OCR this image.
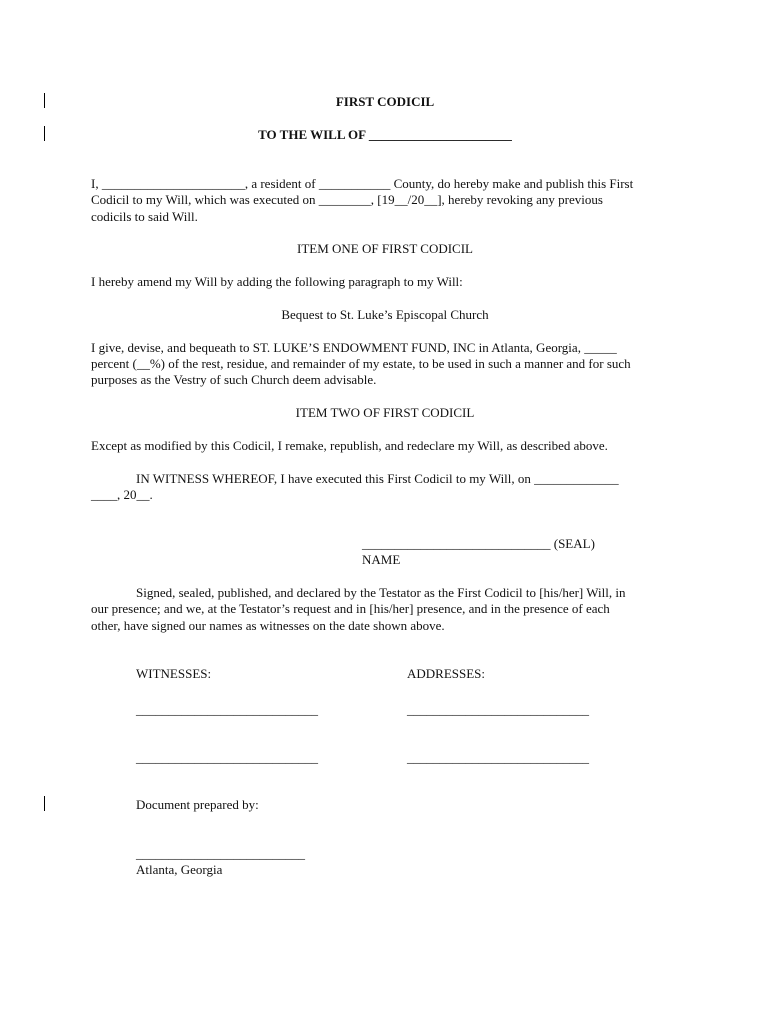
FIRST CODICIL

TO THE WILL OF ______________________

I, ______________________, a resident of ___________ County, do hereby make and publish this First

Codicil to my Will, which was executed on ________, [19__/20__], hereby revoking any previous

codicils to said Will.

ITEM ONE OF FIRST CODICIL

I hereby amend my Will by adding the following paragraph to my Will:

Bequest to St. Luke’s Episcopal Church

I give, devise, and bequeath to ST. LUKE’S ENDOWMENT FUND, INC in Atlanta, Georgia, _____

percent (__%) of the rest, residue, and remainder of my estate, to be used in such a manner and for such

purposes as the Vestry of such Church deem advisable.

ITEM TWO OF FIRST CODICIL

Except as modified by this Codicil, I remake, republish, and redeclare my Will, as described above.

IN WITNESS WHEREOF, I have executed this First Codicil to my Will, on _____________

____, 20__.

_____________________________ (SEAL)

NAME

Signed, sealed, published, and declared by the Testator as the First Codicil to [his/her] Will, in

our presence; and we, at the Testator’s request and in [his/her] presence, and in the presence of each

other, have signed our names as witnesses on the date shown above.

WITNESSES:	ADDRESSES:

____________________________	____________________________

____________________________	____________________________

Document prepared by:

__________________________

Atlanta, Georgia
